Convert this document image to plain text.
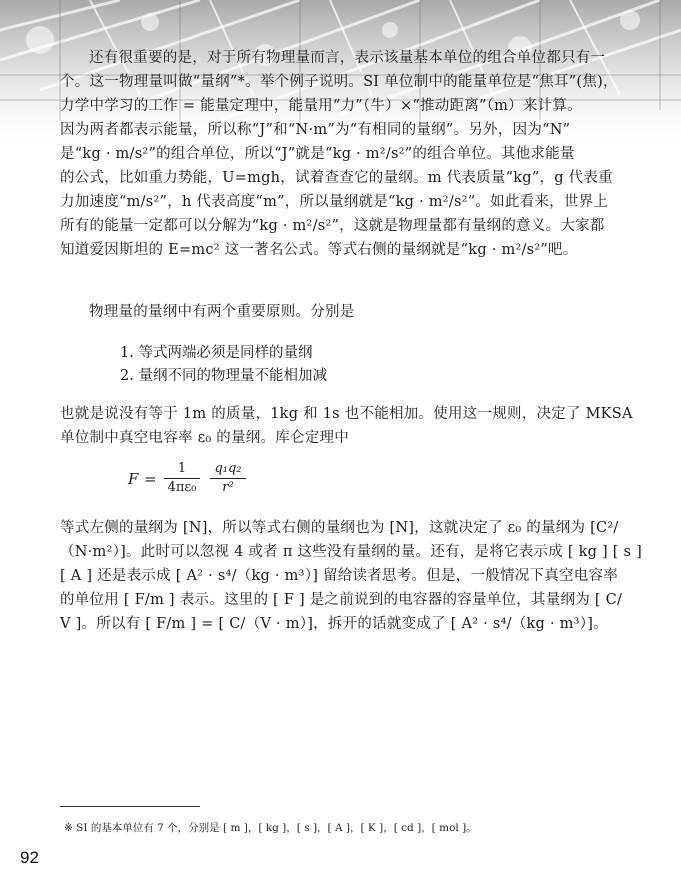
还有很重要的是，对于所有物理量而言，表示该量基本单位的组合单位都只有一
个。这一物理量叫做“量纲”*。举个例子说明。SI 单位制中的能量单位是“焦耳”(焦)，
力学中学习的工作 = 能量定理中，能量用“力”（牛）×“推动距离”（m）来计算。
因为两者都表示能量，所以称“J”和“N·m”为“有相同的量纲”。另外，因为“N”
是“kg · m/s²”的组合单位，所以“J”就是“kg · m²/s²”的组合单位。其他求能量
的公式，比如重力势能，U=mgh，试着查查它的量纲。m 代表质量“kg”，g 代表重
力加速度“m/s²”，h 代表高度“m”，所以量纲就是“kg · m²/s²”。如此看来，世界上
所有的能量一定都可以分解为“kg · m²/s²”，这就是物理量都有量纲的意义。大家都
知道爱因斯坦的 E=mc² 这一著名公式。等式右侧的量纲就是“kg · m²/s²”吧。
物理量的量纲中有两个重要原则。分别是
1. 等式两端必须是同样的量纲
2. 量纲不同的物理量不能相加减
也就是说没有等于 1m 的质量，1kg 和 1s 也不能相加。使用这一规则，决定了 MKSA
单位制中真空电容率 ε₀ 的量纲。库仑定理中
F =
1
4πε₀
q₁q₂
r²
等式左侧的量纲为 [N]，所以等式右侧的量纲也为 [N]，这就决定了 ε₀ 的量纲为 [C²/
（N·m²）]。此时可以忽视 4 或者 π 这些没有量纲的量。还有，是将它表示成 [ kg ] [ s ]
[ A ] 还是表示成 [ A² · s⁴/（kg · m³）] 留给读者思考。但是，一般情况下真空电容率
的单位用 [ F/m ] 表示。这里的 [ F ] 是之前说到的电容器的容量单位，其量纲为 [ C/
V ]。所以有 [ F/m ] = [ C/（V · m）]，拆开的话就变成了 [ A² · s⁴/（kg · m³）]。
※ SI 的基本单位有 7 个，分别是 [ m ]，[ kg ]，[ s ]，[ A ]，[ K ]，[ cd ]，[ mol ]。
92
